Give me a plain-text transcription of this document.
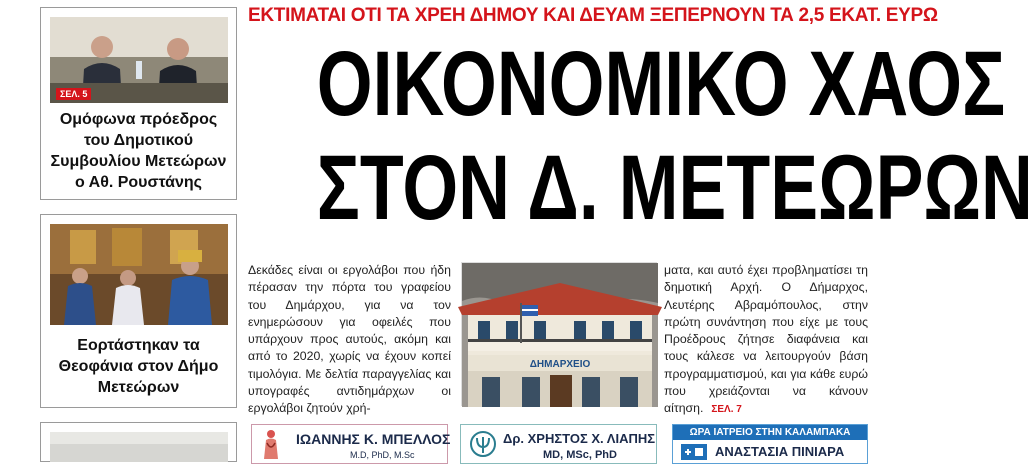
ΣΕΛ. 5
Ομόφωνα πρόεδρος
του Δημοτικού
Συμβουλίου Μετεώρων
ο Αθ. Ρουστάνης
Εορτάστηκαν τα
Θεοφάνια στον Δήμο
Μετεώρων
ΕΚΤΙΜΑΤΑΙ ΟΤΙ ΤΑ ΧΡΕΗ ΔΗΜΟΥ ΚΑΙ ΔΕΥΑΜ ΞΕΠΕΡΝΟΥΝ ΤΑ 2,5 ΕΚΑΤ. ΕΥΡΩ
ΟΙΚΟΝΟΜΙΚΟ ΧΑΟΣ
ΣΤΟΝ Δ. ΜΕΤΕΩΡΩΝ
Δεκάδες είναι οι εργολάβοι που ήδη πέρασαν την πόρτα του γραφείου του Δημάρχου, για να τον ενημερώσουν για οφειλές που υπάρχουν προς αυτούς, ακόμη και από το 2020, χωρίς να έχουν κοπεί τιμολόγια. Με δελτία παραγγελίας και υπογραφές αντιδημάρχων οι εργολάβοι ζητούν χρή-
ΔΗΜΑΡΧΕΙΟ
ματα, και αυτό έχει προβληματίσει τη δημοτική Αρχή. Ο Δήμαρχος, Λευτέρης Αβραμόπουλος, στην πρώτη συνάντηση που είχε με τους Προέδρους ζήτησε διαφάνεια και τους κάλεσε να λειτουργούν βάση προγραμματισμού, και για κάθε ευρώ που χρειάζονται να κάνουν αίτηση. ΣΕΛ. 7
ΙΩΑΝΝΗΣ Κ. ΜΠΕΛΛΟΣ
M.D, PhD, M.Sc
Δρ. ΧΡΗΣΤΟΣ Χ. ΛΙΑΠΗΣ
MD, MSc, PhD
ΩΡΑ ΙΑΤΡΕΙΟ ΣΤΗΝ ΚΑΛΑΜΠΑΚΑ
ΑΝΑΣΤΑΣΙΑ ΠΙΝΙΑΡΑ
